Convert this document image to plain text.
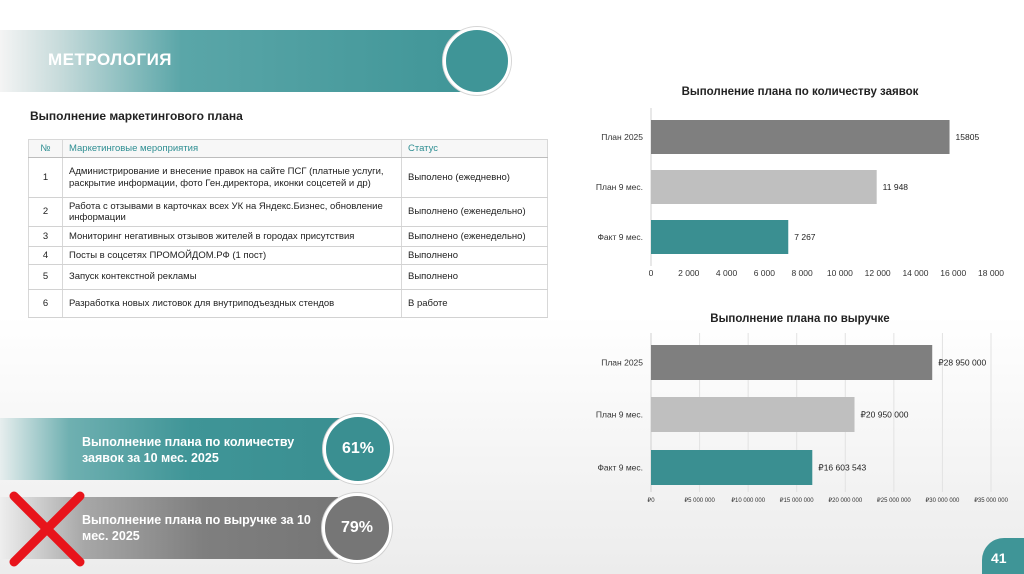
МЕТРОЛОГИЯ
Выполнение маркетингового плана
№	Маркетинговые мероприятия	Статус
1	Администрирование и внесение правок на сайте ПСГ (платные услуги, раскрытие информации, фото Ген.директора, иконки соцсетей и др)	Выполено (ежедневно)
2	Работа с отзывами в карточках всех УК на Яндекс.Бизнес, обновление информации	Выполнено (еженедельно)
3	Мониторинг негативных отзывов жителей в городах присутствия	Выполнено (еженедельно)
4	Посты в соцсетях ПРОМОЙДОМ.РФ (1 пост)	Выполнено
5	Запуск контекстной рекламы	Выполнено
6	Разработка новых листовок для внутриподъездных стендов	В работе
Выполнение плана по количеству заявок за 10 мес. 2025
61%
Выполнение плана по выручке за 10 мес. 2025	79%
Выполнение плана по количеству заявок
План 2025	15805
План 9 мес.	11 948
Факт 9 мес.	7 267
0	2 000 4 000 6 000 8 000 10 000 12 000 14 000 16 000 18 000
Выполнение плана по выручке
План 2025	₽28 950 000
План 9 мес.	₽20 950 000
Факт 9 мес.	₽16 603 543
₽0	₽5 000 000	₽10 000 000 ₽15 000 000 ₽20 000 000 ₽25 000 000 ₽30 000 000 ₽35 000 000
41
